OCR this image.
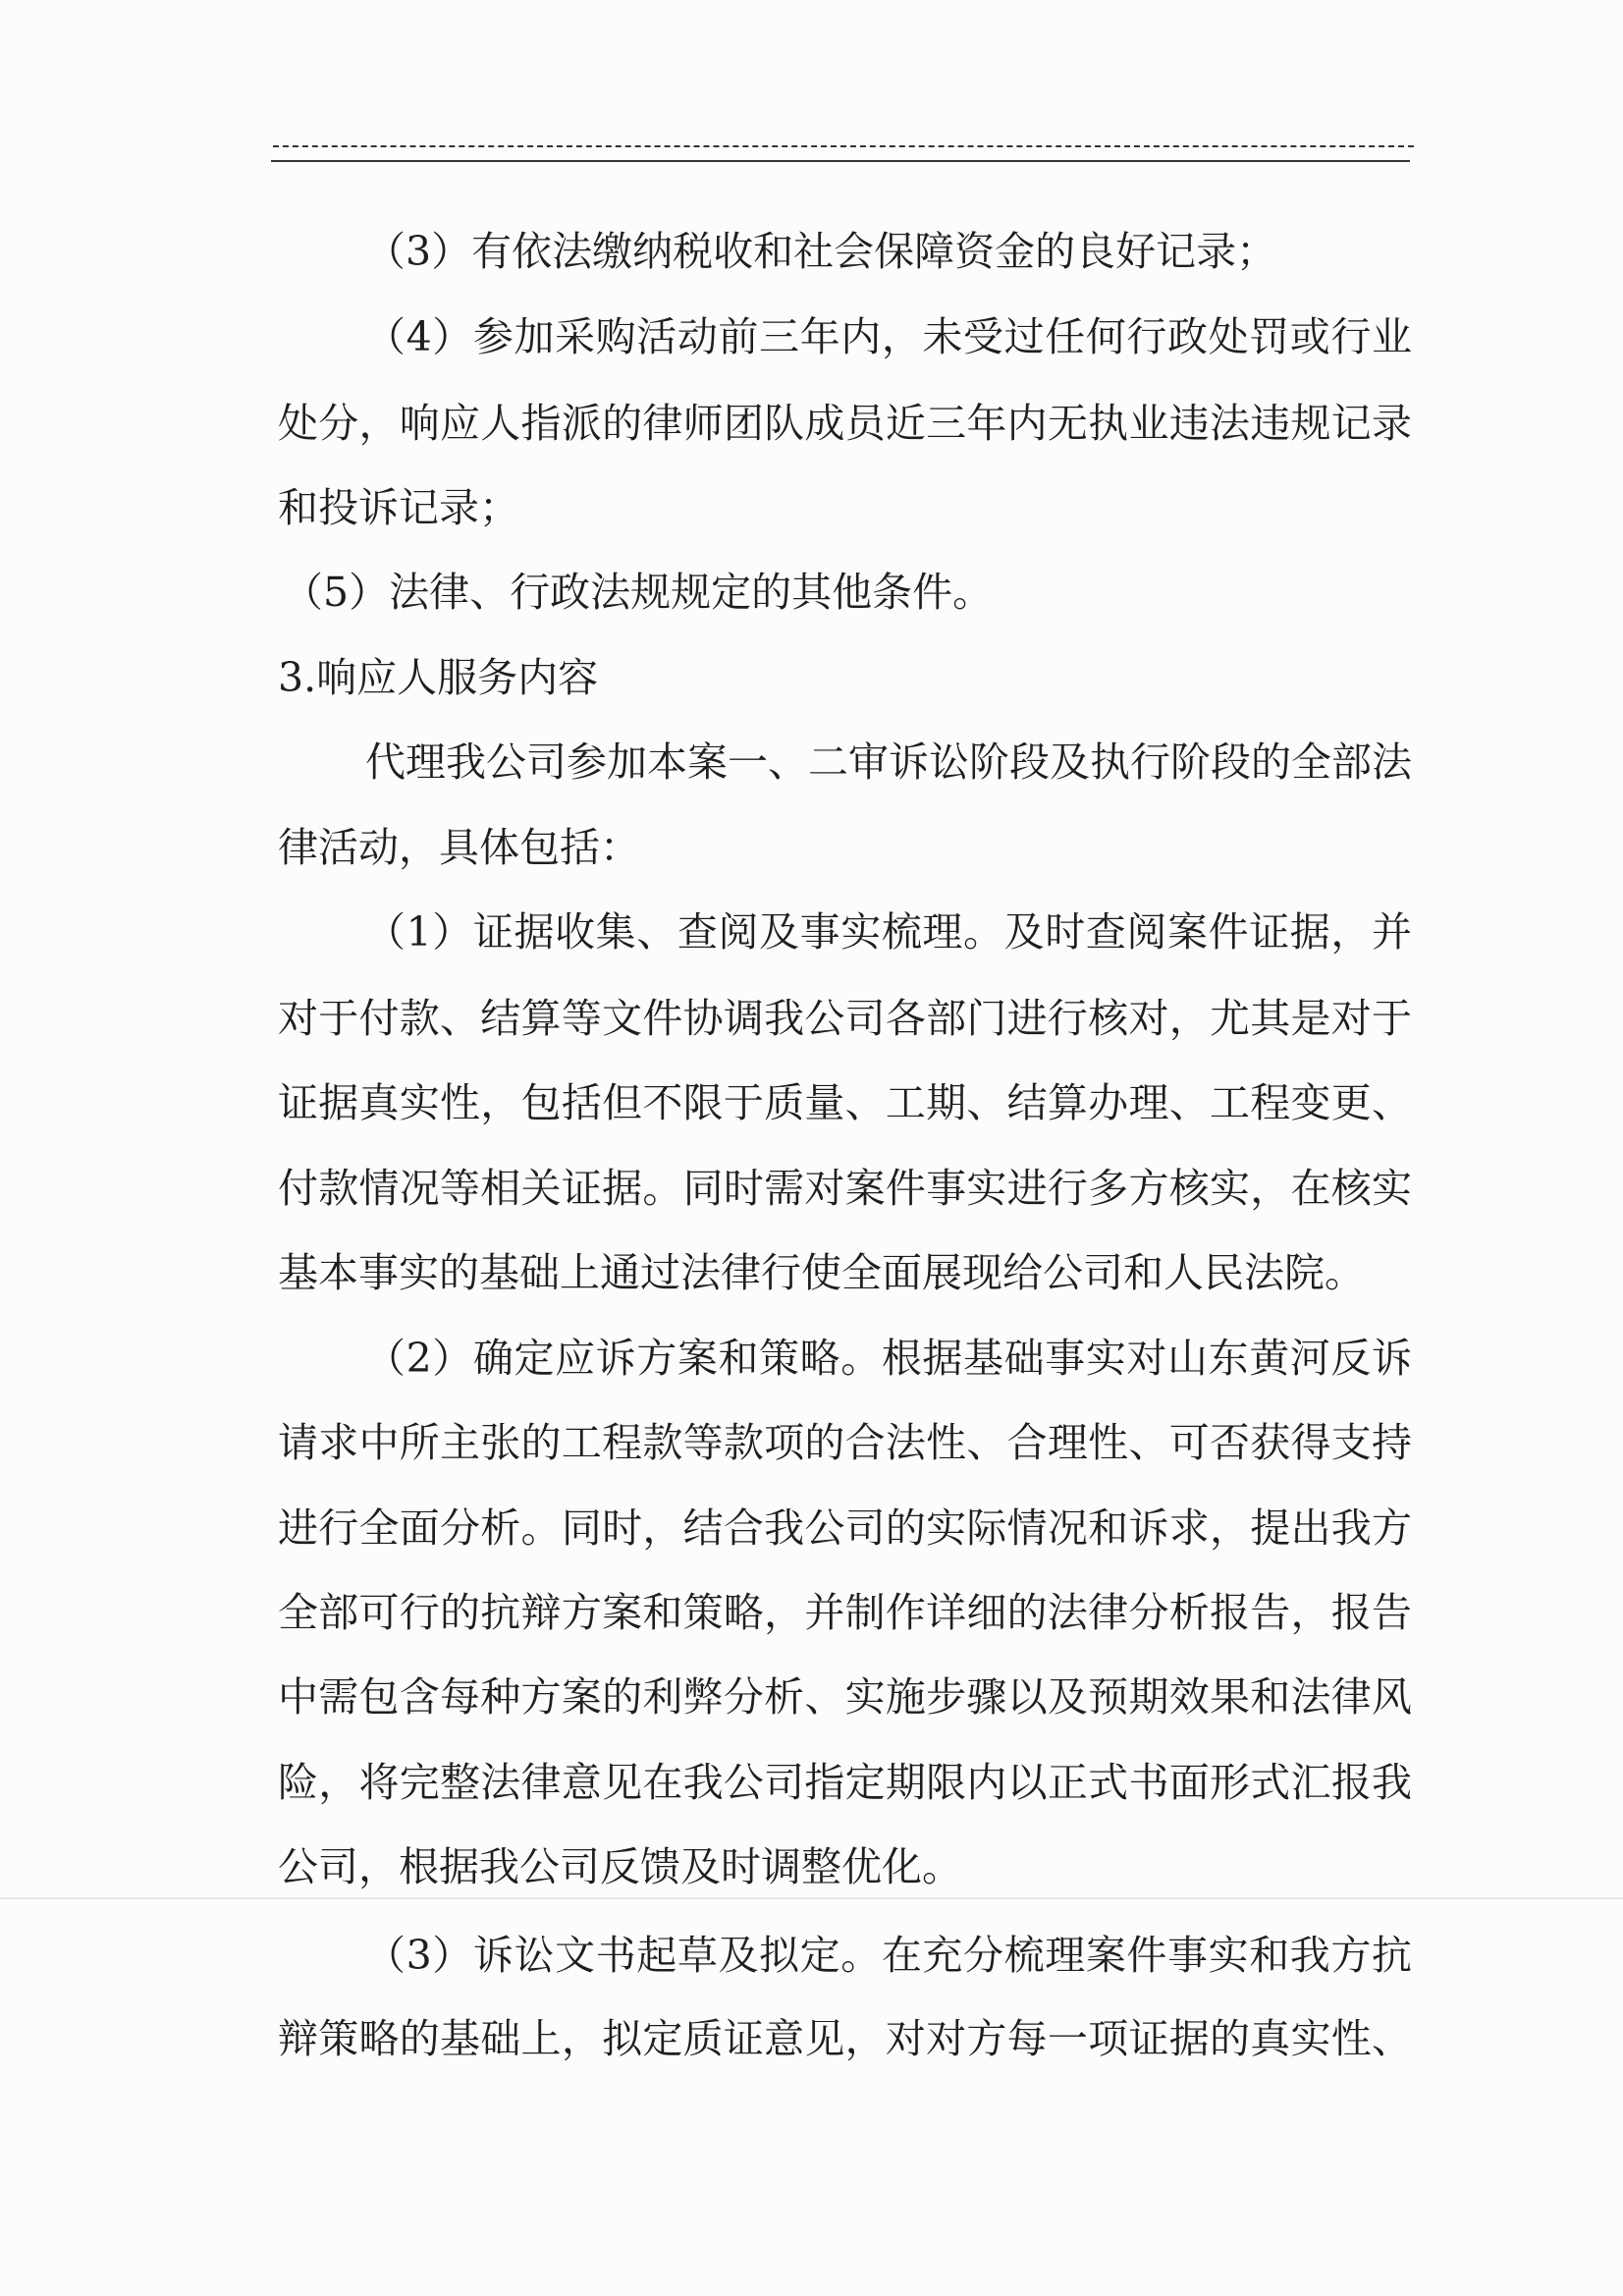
（3）有依法缴纳税收和社会保障资金的良好记录；
（4）参加采购活动前三年内，未受过任何行政处罚或行业
处分，响应人指派的律师团队成员近三年内无执业违法违规记录
和投诉记录；
（5）法律、行政法规规定的其他条件。
3.响应人服务内容
代理我公司参加本案一、二审诉讼阶段及执行阶段的全部法
律活动，具体包括：
（1）证据收集、查阅及事实梳理。及时查阅案件证据，并
对于付款、结算等文件协调我公司各部门进行核对，尤其是对于
证据真实性，包括但不限于质量、工期、结算办理、工程变更、
付款情况等相关证据。同时需对案件事实进行多方核实，在核实
基本事实的基础上通过法律行使全面展现给公司和人民法院。
（2）确定应诉方案和策略。根据基础事实对山东黄河反诉
请求中所主张的工程款等款项的合法性、合理性、可否获得支持
进行全面分析。同时，结合我公司的实际情况和诉求，提出我方
全部可行的抗辩方案和策略，并制作详细的法律分析报告，报告
中需包含每种方案的利弊分析、实施步骤以及预期效果和法律风
险，将完整法律意见在我公司指定期限内以正式书面形式汇报我
公司，根据我公司反馈及时调整优化。
（3）诉讼文书起草及拟定。在充分梳理案件事实和我方抗
辩策略的基础上，拟定质证意见，对对方每一项证据的真实性、
